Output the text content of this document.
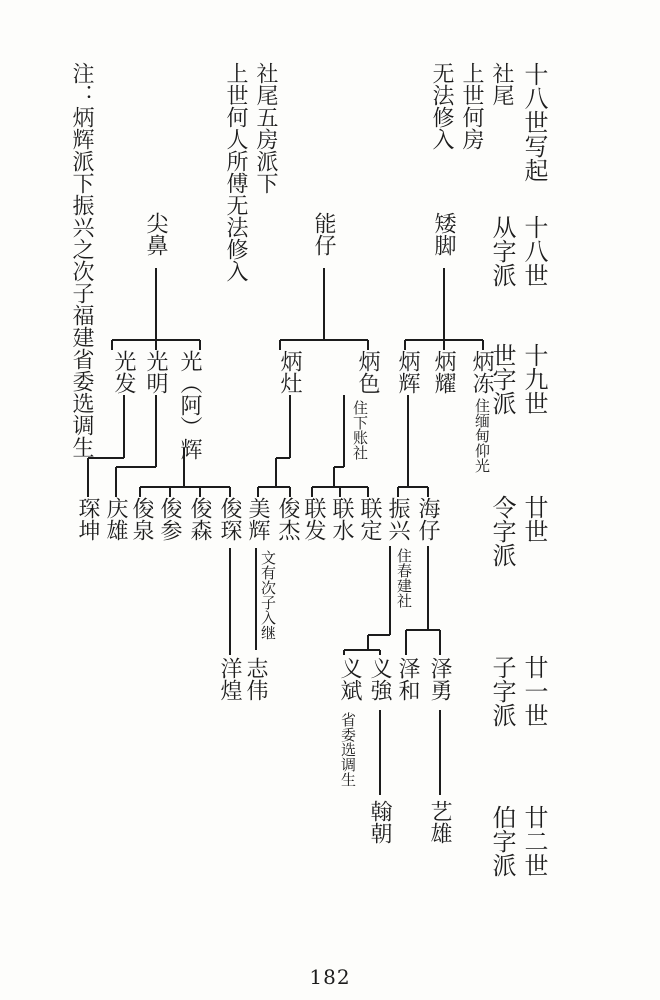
十八世写起
社尾
上世何房
无法修入
社尾五房派下
上世何人所傅无法修入
注：炳辉派下振兴之次子福建省委选调生	十八世
从字派
十九世
世字派
廿世
令字派
廿一世
子字派
廿二世
伯字派
矮脚
能仔
尖鼻
炳冻
住缅甸仰光
炳耀
炳辉
炳色
住下账社
炳灶
光（阿）辉
光明
光发
海仔
振兴
住春建社
联定
联水
联发
俊杰
美辉
文有次子入继
俊琛
俊森
俊参
俊泉
庆雄
琛坤
泽勇
泽和
义強
义斌
省委选调生
志伟
洋煌
艺雄
翰朝
182
